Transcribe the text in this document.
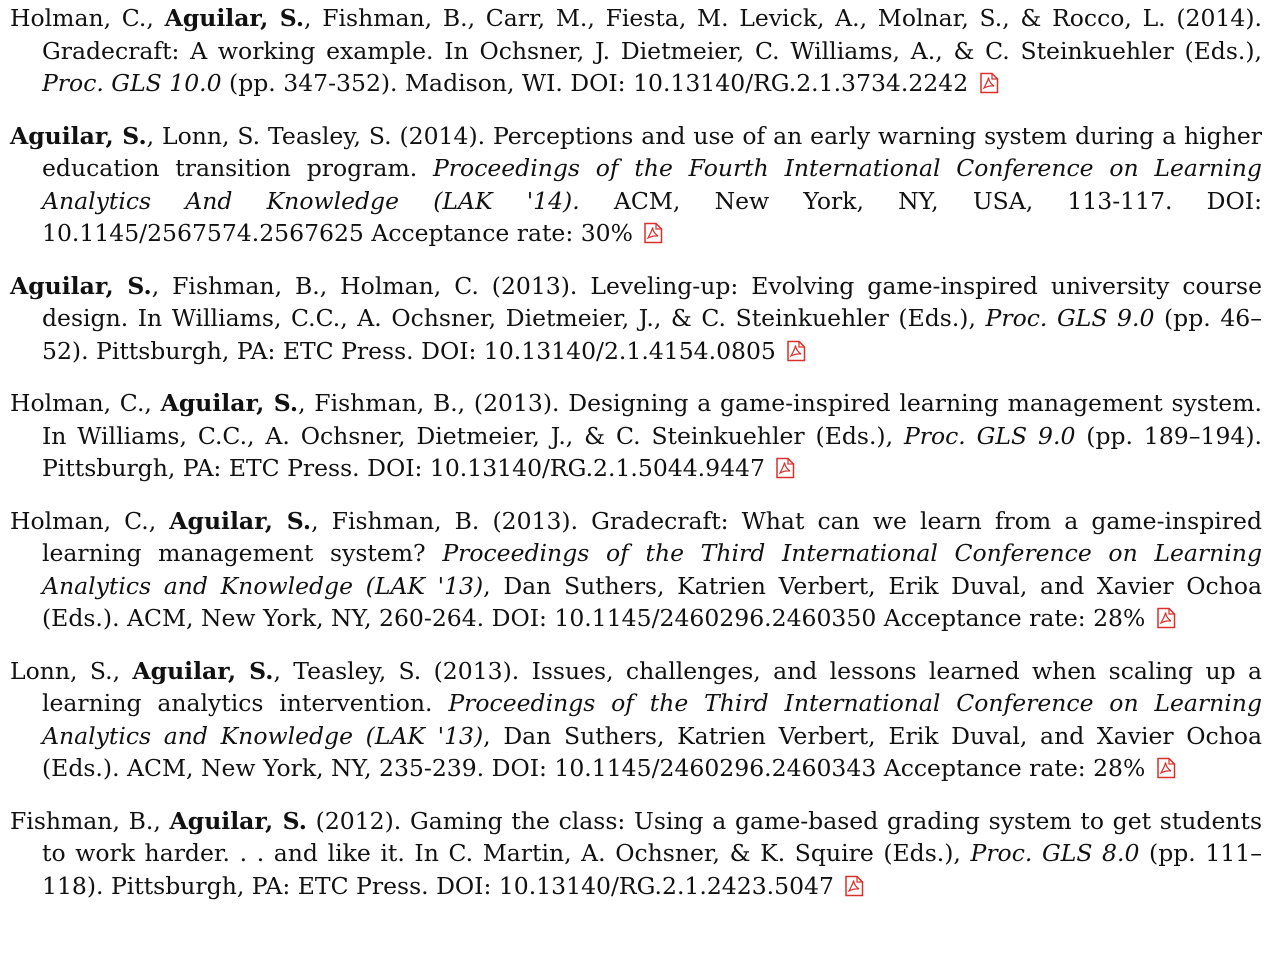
Holman, C., Aguilar, S., Fishman, B., Carr, M., Fiesta, M. Levick, A., Molnar, S., & Rocco, L. (2014). Gradecraft: A working example. In Ochsner, J. Dietmeier, C. Williams, A., & C. Steinkuehler (Eds.), Proc. GLS 10.0 (pp. 347-352). Madison, WI. DOI: 10.13140/RG.2.1.3734.2242

Aguilar, S., Lonn, S. Teasley, S. (2014). Perceptions and use of an early warning system during a higher education transition program. Proceedings of the Fourth International Conference on Learning Analytics And Knowledge (LAK '14). ACM, New York, NY, USA, 113-117. DOI: 10.1145/2567574.2567625 Acceptance rate: 30%

Aguilar, S., Fishman, B., Holman, C. (2013). Leveling-up: Evolving game-inspired university course design. In Williams, C.C., A. Ochsner, Dietmeier, J., & C. Steinkuehler (Eds.), Proc. GLS 9.0 (pp. 46–52). Pittsburgh, PA: ETC Press. DOI: 10.13140/2.1.4154.0805

Holman, C., Aguilar, S., Fishman, B., (2013). Designing a game-inspired learning management system. In Williams, C.C., A. Ochsner, Dietmeier, J., & C. Steinkuehler (Eds.), Proc. GLS 9.0 (pp. 189–194). Pittsburgh, PA: ETC Press. DOI: 10.13140/RG.2.1.5044.9447

Holman, C., Aguilar, S., Fishman, B. (2013). Gradecraft: What can we learn from a game-inspired learning management system? Proceedings of the Third International Conference on Learning Analytics and Knowledge (LAK '13), Dan Suthers, Katrien Verbert, Erik Duval, and Xavier Ochoa (Eds.). ACM, New York, NY, 260-264. DOI: 10.1145/2460296.2460350 Acceptance rate: 28%

Lonn, S., Aguilar, S., Teasley, S. (2013). Issues, challenges, and lessons learned when scaling up a learning analytics intervention. Proceedings of the Third International Conference on Learning Analytics and Knowledge (LAK '13), Dan Suthers, Katrien Verbert, Erik Duval, and Xavier Ochoa (Eds.). ACM, New York, NY, 235-239. DOI: 10.1145/2460296.2460343 Acceptance rate: 28%

Fishman, B., Aguilar, S. (2012). Gaming the class: Using a game-based grading system to get students to work harder. . . and like it. In C. Martin, A. Ochsner, & K. Squire (Eds.), Proc. GLS 8.0 (pp. 111–118). Pittsburgh, PA: ETC Press. DOI: 10.13140/RG.2.1.2423.5047
